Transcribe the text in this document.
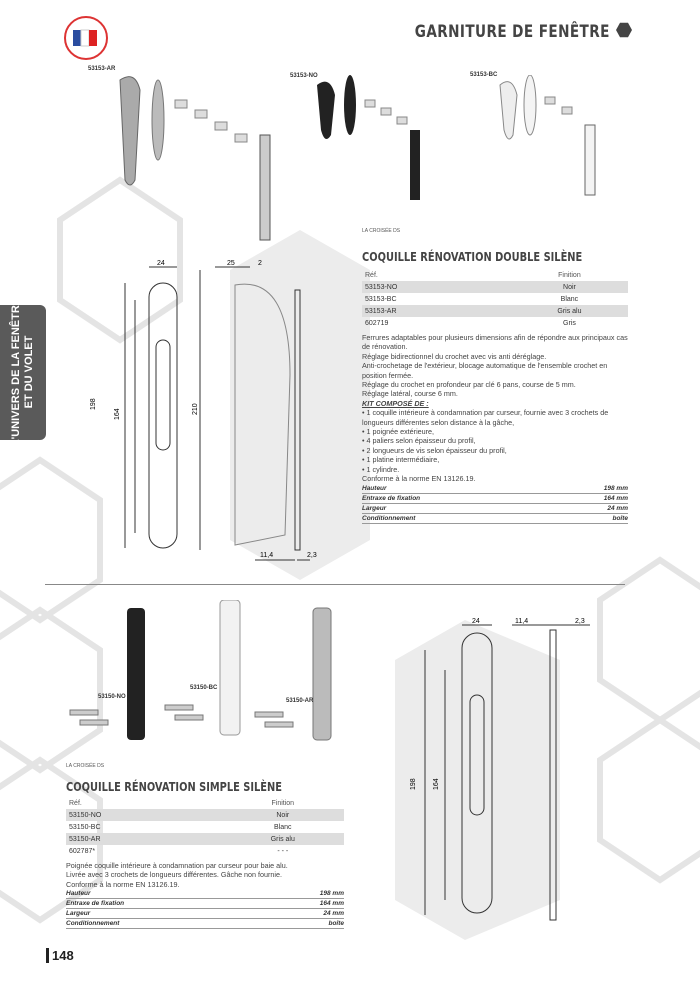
GARNITURE DE FENÊTRE
L'UNIVERS DE LA FENÊTRE ET DU VOLET
53153-AR
53153-NO	53153-BC
24	25	2
198
164	210
11,4	2,3
LA CROISÉE DS
COQUILLE RÉNOVATION DOUBLE SILÈNE
Réf.	Finition
53153-NO	Noir
53153-BC	Blanc
53153-AR	Gris alu
602719	Gris
Ferrures adaptables pour plusieurs dimensions afin de répondre aux principaux cas de rénovation.
Réglage bidirectionnel du crochet avec vis anti déréglage.
Anti-crochetage de l'extérieur, blocage automatique de l'ensemble crochet en position fermée.
Réglage du crochet en profondeur par clé 6 pans, course de 5 mm.
Réglage latéral, course 6 mm.
KIT COMPOSÉ DE :
• 1 coquille intérieure à condamnation par curseur, fournie avec 3 crochets de longueurs différentes selon distance à la gâche,
• 1 poignée extérieure,
• 4 paliers selon épaisseur du profil,
• 2 longueurs de vis selon épaisseur du profil,
• 1 platine intermédiaire,
• 1 cylindre.
Conforme à la norme EN 13126.19.
Hauteur	198 mm
Entraxe de fixation	164 mm
Largeur	24 mm
Conditionnement	boîte
53150-NO
53150-BC
53150-AR
24	11,4	2,3
198 164
LA CROISÉE DS
COQUILLE RÉNOVATION SIMPLE SILÈNE
Réf.	Finition
53150-NO	Noir
53150-BC	Blanc
53150-AR	Gris alu
602787*	- - -
Poignée coquille intérieure à condamnation par curseur pour baie alu.
Livrée avec 3 crochets de longueurs différentes. Gâche non fournie.
Conforme à la norme EN 13126.19.
Hauteur	198 mm
Entraxe de fixation	164 mm
Largeur	24 mm
Conditionnement	boîte
148
